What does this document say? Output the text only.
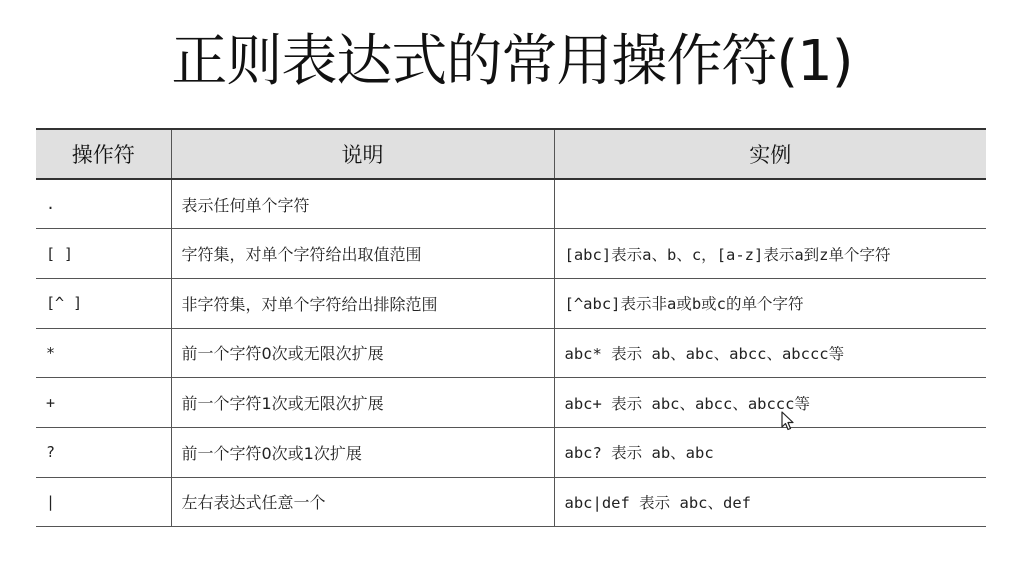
正则表达式的常用操作符(1)
操作符	说明	实例
.	表示任何单个字符	
[ ]	字符集，对单个字符给出取值范围	[abc]表示a、b、c，[a-z]表示a到z单个字符
[^ ]	非字符集，对单个字符给出排除范围	[^abc]表示非a或b或c的单个字符
*	前一个字符0次或无限次扩展	abc* 表示 ab、abc、abcc、abccc等
+	前一个字符1次或无限次扩展	abc+ 表示 abc、abcc、abccc等
?	前一个字符0次或1次扩展	abc? 表示 ab、abc
|	左右表达式任意一个	abc|def 表示 abc、def
